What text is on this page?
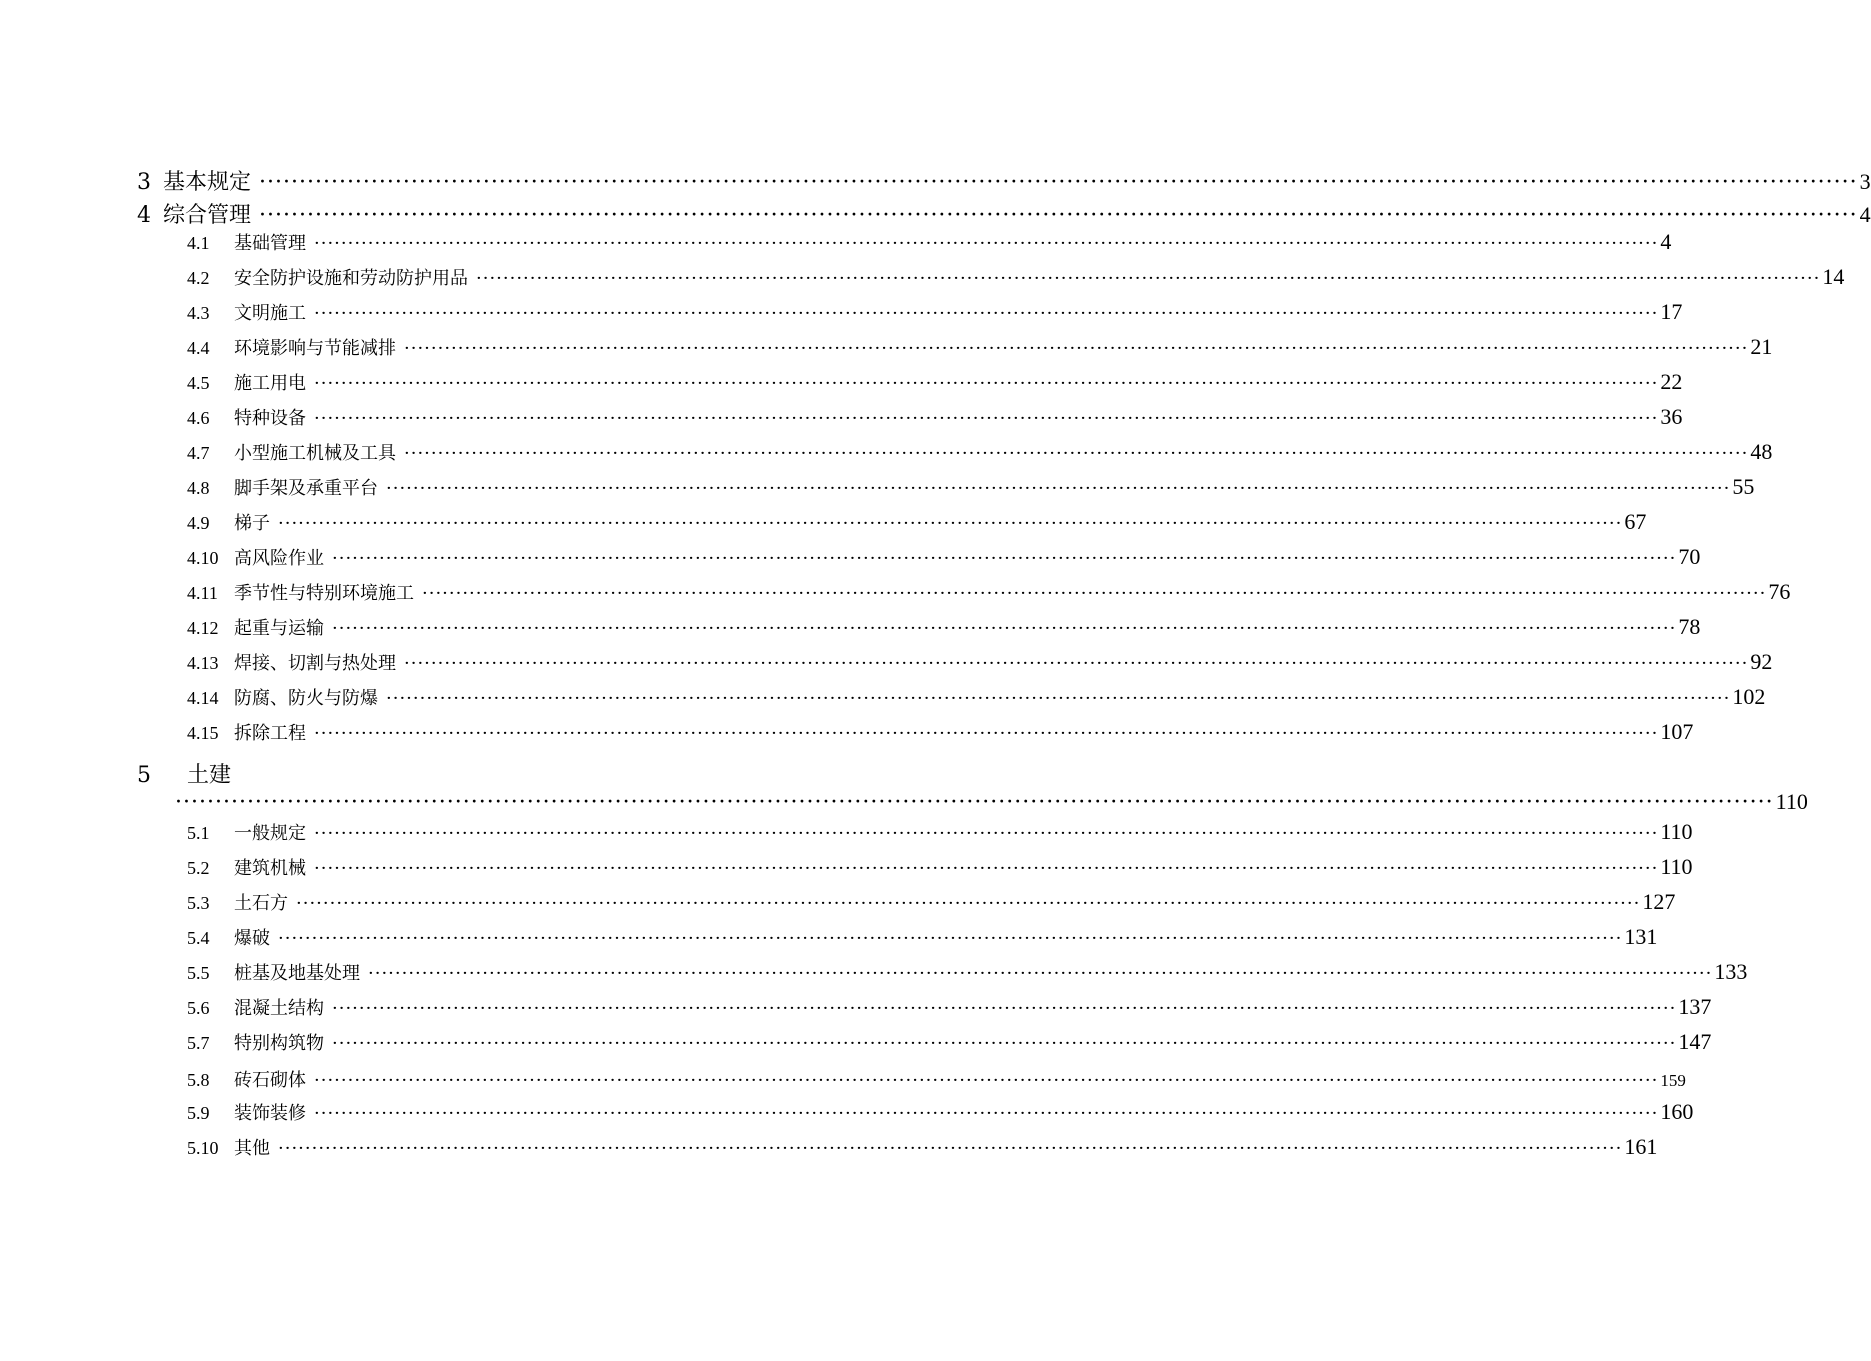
3 基本规定 ········································································································································································································ 3
4 综合管理 ········································································································································································································ 4
4.1	基础管理 ········································································································································································································ 4
4.2	安全防护设施和劳动防护用品 ········································································································································································································ 14
4.3	文明施工 ········································································································································································································ 17
4.4	环境影响与节能减排 ········································································································································································································ 21
4.5	施工用电 ········································································································································································································ 22
4.6	特种设备 ········································································································································································································ 36
4.7	小型施工机械及工具 ········································································································································································································ 48
4.8	脚手架及承重平台 ········································································································································································································ 55
4.9	梯子 ········································································································································································································ 67
4.10 高风险作业 ········································································································································································································ 70
4.11 季节性与特别环境施工 ········································································································································································································ 76
4.12 起重与运输 ········································································································································································································ 78
4.13 焊接、切割与热处理 ········································································································································································································ 92
4.14 防腐、防火与防爆 ········································································································································································································ 102
4.15 拆除工程 ········································································································································································································ 107
5 土建
········································································································································································································ 110
5.1	一般规定 ········································································································································································································ 110
5.2	建筑机械 ········································································································································································································ 110
5.3	土石方 ········································································································································································································ 127
5.4	爆破 ········································································································································································································ 131
5.5	桩基及地基处理 ········································································································································································································ 133
5.6	混凝土结构 ········································································································································································································ 137
5.7	特别构筑物 ········································································································································································································ 147
5.8	砖石砌体 ········································································································································································································ 159
5.9	装饰装修 ········································································································································································································ 160
5.10 其他 ········································································································································································································ 161
